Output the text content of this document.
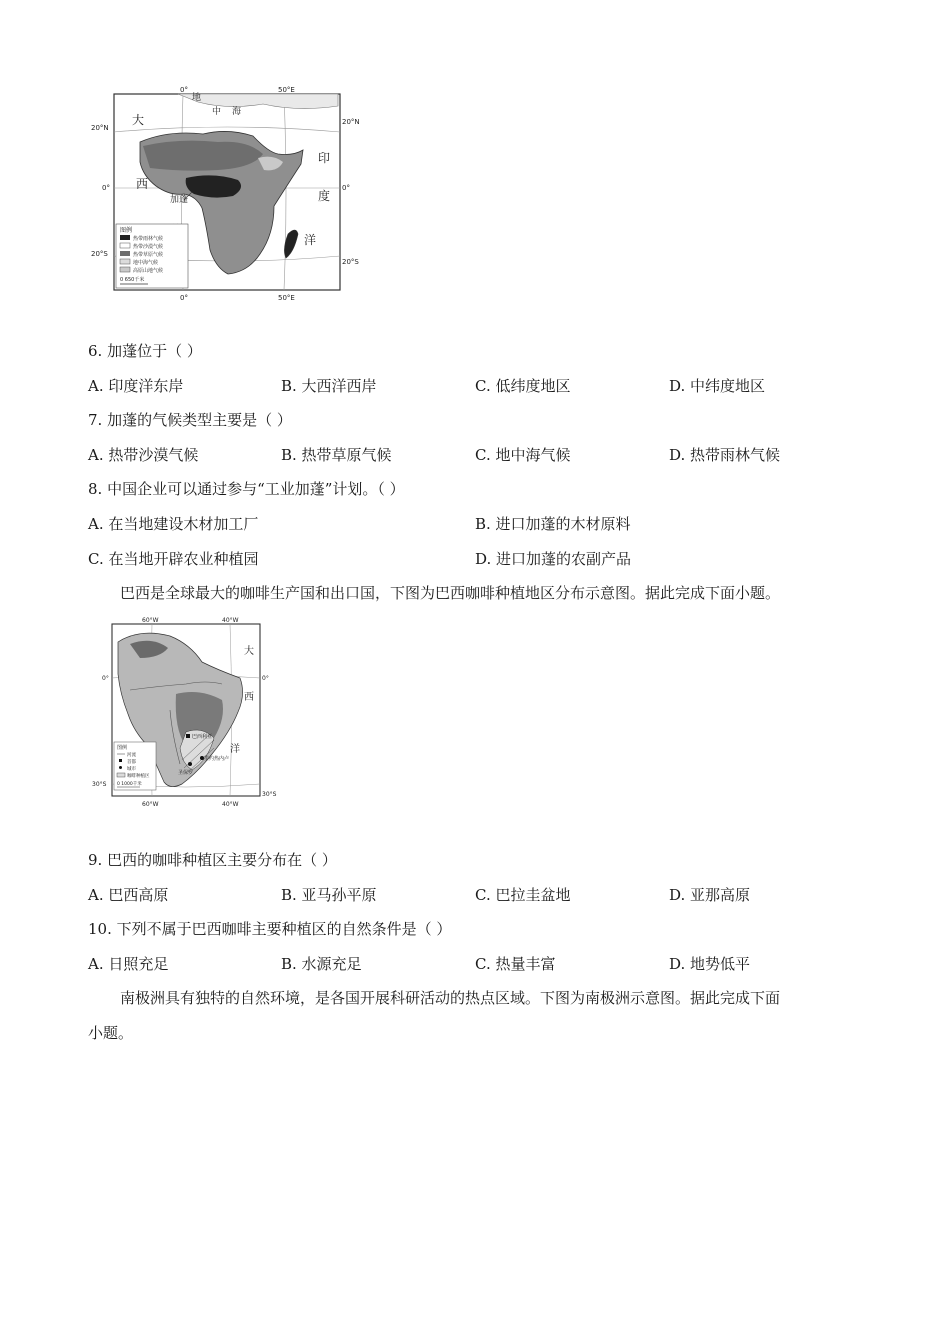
0°	50°E
0°	50°E
20°N
0°
20°S
20°N
0°
20°S
地
中 海
大
西
印
度
洋
加蓬
图例
热带雨林气候
热带沙漠气候
热带草原气候
地中海气候
高原山地气候
0 650千米
6. 加蓬位于（ ）
A. 印度洋东岸	B. 大西洋西岸	C. 低纬度地区	D. 中纬度地区
7. 加蓬的气候类型主要是（ ）
A. 热带沙漠气候	B. 热带草原气候	C. 地中海气候	D. 热带雨林气候
8. 中国企业可以通过参与“工业加蓬”计划。（ ）
A. 在当地建设木材加工厂	B. 进口加蓬的木材原料
C. 在当地开辟农业种植园	D. 进口加蓬的农副产品
巴西是全球最大的咖啡生产国和出口国，下图为巴西咖啡种植地区分布示意图。据此完成下面小题。
60°W	40°W
60°W	40°W
0°
30°S
0°
30°S
大
西
洋
巴西利亚
里约热内卢
圣保罗
图例
河流
首都
城市
咖啡种植区
0 1000千米
9. 巴西的咖啡种植区主要分布在（ ）
A. 巴西高原	B. 亚马孙平原	C. 巴拉圭盆地	D. 亚那高原
10. 下列不属于巴西咖啡主要种植区的自然条件是（ ）
A. 日照充足	B. 水源充足	C. 热量丰富	D. 地势低平
南极洲具有独特的自然环境，是各国开展科研活动的热点区域。下图为南极洲示意图。据此完成下面
小题。
